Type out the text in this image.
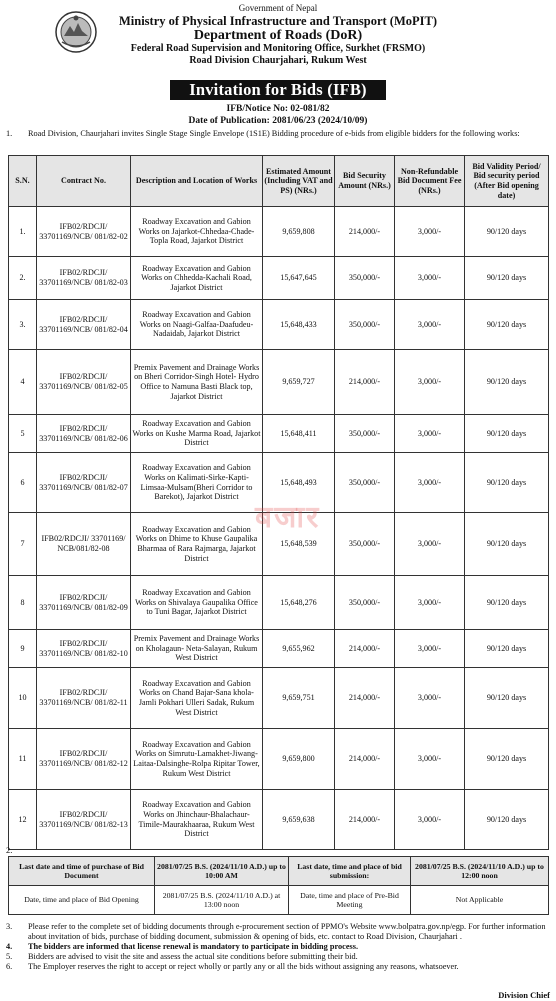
Government of Nepal
Ministry of Physical Infrastructure and Transport (MoPIT)
Department of Roads (DoR)
Federal Road Supervision and Monitoring Office, Surkhet (FRSMO)
Road Division Chaurjahari, Rukum West
Invitation for Bids (IFB)
IFB/Notice No: 02-081/82
Date of Publication: 2081/06/23 (2024/10/09)
1. Road Division, Chaurjahari invites Single Stage Single Envelope (1S1E) Bidding procedure of e-bids from eligible bidders for the following works:
S.N.	Contract No.	Description and Location of Works	Estimated Amount (Including VAT and PS) (NRs.)	Bid Security Amount (NRs.)	Non-Refundable Bid Document Fee (NRs.)	Bid Validity Period/ Bid security period (After Bid opening date)
1.	IFB02/RDCJI/ 33701169/NCB/ 081/82-02	Roadway Excavation and Gabion Works on Jajarkot-Chhedaa-Chade-Topla Road, Jajarkot District	9,659,808	214,000/-	3,000/-	90/120 days
2.	IFB02/RDCJI/ 33701169/NCB/ 081/82-03	Roadway Excavation and Gabion Works on Chhedda-Kachali Road, Jajarkot District	15,647,645	350,000/-	3,000/-	90/120 days
3.	IFB02/RDCJI/ 33701169/NCB/ 081/82-04	Roadway Excavation and Gabion Works on Naagi-Galfaa-Daafudeu-Nadaidab, Jajarkot District	15,648,433	350,000/-	3,000/-	90/120 days
4	IFB02/RDCJI/ 33701169/NCB/ 081/82-05	Premix Pavement and Drainage Works on Bheri Corridor-Singh Hotel- Hydro Office to Namuna Basti Black top, Jajarkot District	9,659,727	214,000/-	3,000/-	90/120 days
5	IFB02/RDCJI/ 33701169/NCB/ 081/82-06	Roadway Excavation and Gabion Works on Kushe Marma Road, Jajarkot District	15,648,411	350,000/-	3,000/-	90/120 days
6	IFB02/RDCJI/ 33701169/NCB/ 081/82-07	Roadway Excavation and Gabion Works on Kalimati-Sirke-Kapti-Limsaa-Mulsam(Bheri Corridor to Barekot), Jajarkot District	15,648,493	350,000/-	3,000/-	90/120 days
7	IFB02/RDCJI/ 33701169/ NCB/081/82-08	Roadway Excavation and Gabion Works on Dhime to Khuse Gaupalika Bharmaa of Rara Rajmarga, Jajarkot District	15,648,539	350,000/-	3,000/-	90/120 days
8	IFB02/RDCJI/ 33701169/NCB/ 081/82-09	Roadway Excavation and Gabion Works on Shivalaya Gaupalika Office to Tuni Bagar, Jajarkot District	15,648,276	350,000/-	3,000/-	90/120 days
9	IFB02/RDCJI/ 33701169/NCB/ 081/82-10	Premix Pavement and Drainage Works on Kholagaun- Neta-Salayan, Rukum West District	9,655,962	214,000/-	3,000/-	90/120 days
10	IFB02/RDCJI/ 33701169/NCB/ 081/82-11	Roadway Excavation and Gabion Works on Chand Bajar-Sana khola-Jamli Pokhari Ulleri Sadak, Rukum West District	9,659,751	214,000/-	3,000/-	90/120 days
11	IFB02/RDCJI/ 33701169/NCB/ 081/82-12	Roadway Excavation and Gabion Works on Simrutu-Lamakhet-Jiwang-Laitaa-Dalsinghe-Rolpa Ripitar Tower, Rukum West District	9,659,800	214,000/-	3,000/-	90/120 days
12	IFB02/RDCJI/ 33701169/NCB/ 081/82-13	Roadway Excavation and Gabion Works on Jhinchaur-Bhalachaur-Timile-Maurakhaaraa, Rukum West District	9,659,638	214,000/-	3,000/-	90/120 days
बजार
2.
Last date and time of purchase of Bid Document	2081/07/25 B.S. (2024/11/10 A.D.) up to 10:00 AM	Last date, time and place of bid submission:	2081/07/25 B.S. (2024/11/10 A.D.) up to 12:00 noon
Date, time and place of Bid Opening	2081/07/25 B.S. (2024/11/10 A.D.) at 13:00 noon	Date, time and place of Pre-Bid Meeting	Not Applicable
3. Please refer to the complete set of bidding documents through e-procurement section of PPMO's Website www.bolpatra.gov.np/egp. For further information about invitation of bids, purchase of bidding document, submission & opening of bids, etc. contact to Road Division, Chaurjahari .
4. The bidders are informed that license renewal is mandatory to participate in bidding process.
5. Bidders are advised to visit the site and assess the actual site conditions before submitting their bid.
6. The Employer reserves the right to accept or reject wholly or partly any or all the bids without assigning any reasons, whatsoever.
Division Chief
